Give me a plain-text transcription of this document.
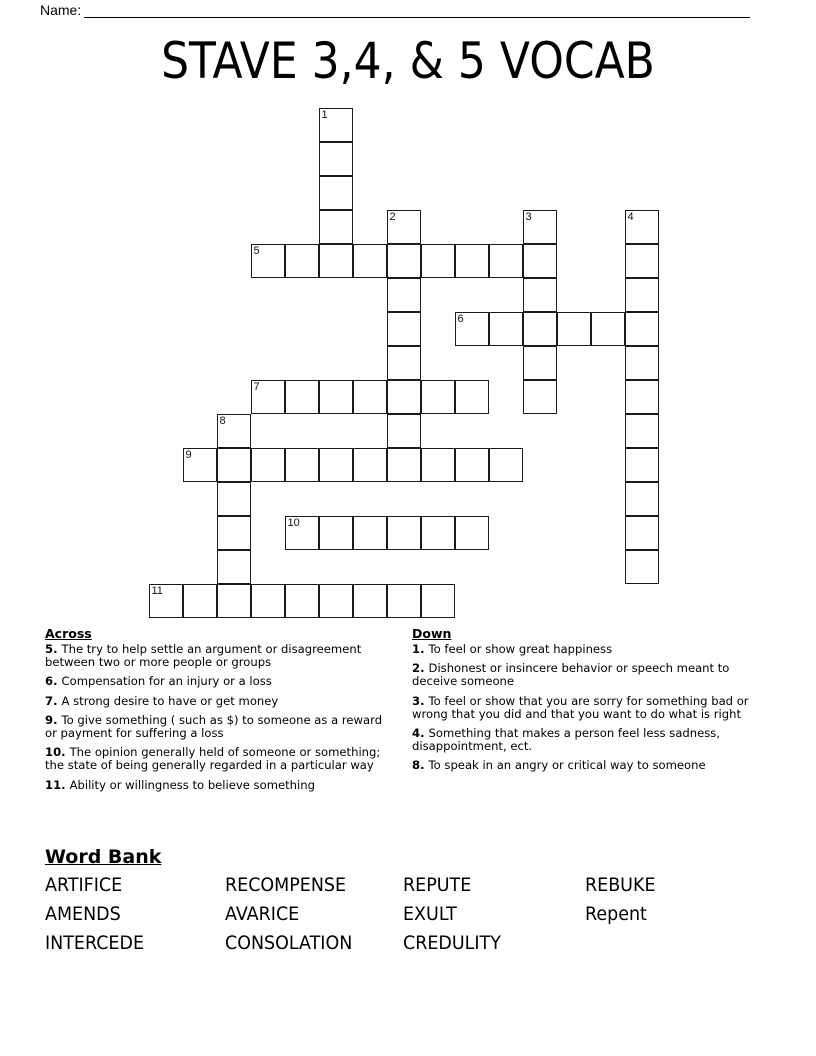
Name:
STAVE 3,4, & 5 VOCAB
1
2	3	4
5
6
7
8
9
10
11
Across
5. The try to help settle an argument or disagreement between two or more people or groups
6. Compensation for an injury or a loss
7. A strong desire to have or get money
9. To give something ( such as $) to someone as a reward or payment for suffering a loss
10. The opinion generally held of someone or something; the state of being generally regarded in a particular way
11. Ability or willingness to believe something
Down
1. To feel or show great happiness
2. Dishonest or insincere behavior or speech meant to deceive someone
3. To feel or show that you are sorry for something bad or wrong that you did and that you want to do what is right
4. Something that makes a person feel less sadness, disappointment, ect.
8. To speak in an angry or critical way to someone
Word Bank
ARTIFICE	RECOMPENSE	REPUTE	REBUKE
AMENDS	AVARICE	EXULT	Repent
INTERCEDE	CONSOLATION	CREDULITY
